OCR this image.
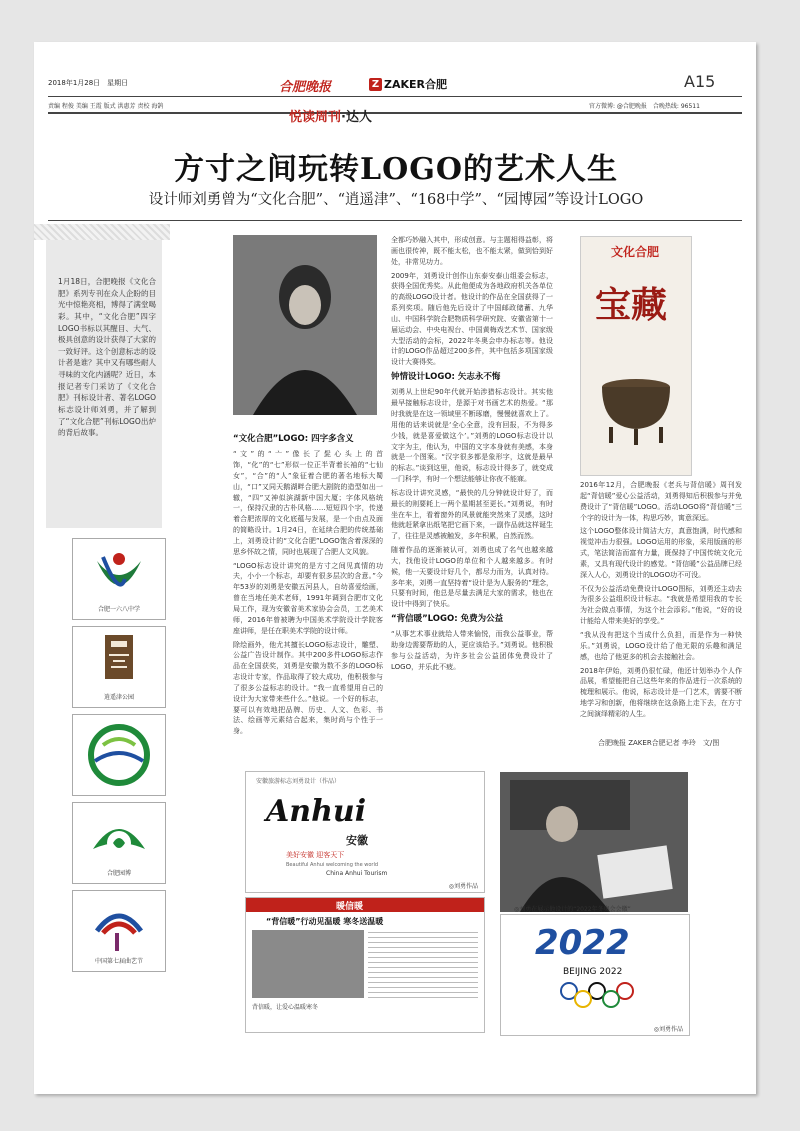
2018年1月28日　星期日	合肥晚报	Z ZAKER合肥	A15
责编 程俊 美编 王霞 版式 洪惠芳 责校 海鹄	官方微博: @合肥晚报　合晚热线: 96511
悦读周刊·达人
方寸之间玩转LOGO的艺术人生
设计师刘勇曾为“文化合肥”、“逍遥津”、“168中学”、“园博园”等设计LOGO
1月18日，合肥晚报《文化合肥》系列专刊在众人企盼的目光中惊艳亮相，博得了满堂喝彩。其中，“文化合肥”四字LOGO书标以其醒目、大气、极具创意的设计获得了大家的一致好评。这个创意标志的设计者是谁？其中又有哪些耐人寻味的文化内涵呢？近日，本报记者专门采访了《文化合肥》刊标设计者、著名LOGO标志设计师刘勇，并了解到了“文化合肥”刊标LOGO出炉的背后故事。
合肥一六八中学
逍遥津公园
合肥园博
中国第七届曲艺节
“文化合肥”LOGO: 四字多含义

“文”的“亠”像长了髭心头上的首饰，“化”的“七”形似一位正半背着长袖的“七仙女”，“合”的“人”象征着合肥的著名地标大蜀山，“口”又同天鹅湖畔合肥大剧院的造型如出一辙，“四”又神似滨湖新中国大厦；字体风格统一，保持汉隶的古朴风格……短短四个字，传递着合肥浓厚的文化底蕴与发展，是一个由点及面的简略设计。1月24日，在延续合肥的传统基础上，刘勇设计的“文化合肥”LOGO饱含着深深的思乡怀故之情，同时也展现了合肥人文风貌。

“LOGO标志设计讲究的是方寸之间见真情的功夫，小小一个标志，却要有很多层次的含意。”今年53岁的刘勇是安徽五河县人，自幼喜爱绘画，曾在当地任美术老师，1991年调到合肥市文化局工作，现为安徽省美术家协会会员，工艺美术师，2016年曾被聘为中国美术学院设计学院客座讲师，是任在职美术学院的设计师。

除绘画外，他尤其擅长LOGO标志设计，雕塑、公益广告设计制作。其中200多件LOGO标志作品在全国获奖，刘勇是安徽为数不多的LOGO标志设计专家，作品取得了较大成功，他积极参与了很多公益标志的设计。“我一直希望用自己的设计为大家带来些什么。”他说。一个好的标志，要可以有效地把品牌、历史、人文、色彩、书法、绘画等元素结合起来，集时尚与个性于一身。

全都巧妙融入其中，形成创意。与主题相得益彰，将画也很传神，既不能太松，也不能太紧，做到恰到好处，非常见功力。

2009年，刘勇设计创作山东泰安泰山组委会标志，获得全国优秀奖。从此他便成为各地政府机关各单位的高级LOGO设计者。他设计的作品在全国获得了一系列奖项。随后他先后设计了中国邮政储蓄、九华山、中国科学院合肥物质科学研究院、安徽省第十一届运动会、中央电视台、中国黄梅戏艺术节、国家级大型活动的会标，2022年冬奥会申办标志等。他设计的LOGO作品超过200多件，其中包括多项国家级设计大赛得奖。

钟情设计LOGO: 矢志永不悔

刘勇从上世纪90年代就开始涉猎标志设计。其实他最早接触标志设计，是源于对书画艺术的热爱。“那时我就是在这一领域里不断琢磨，慢慢就喜欢上了。用他的话来说就是‘全心全意，没有回报，不为得多少钱，就是喜爱做这个’。”刘勇的LOGO标志设计以文字为主，他认为，中国的文字本身就有美感，本身就是一个图案。“汉字很多都是象形字，这就是最早的标志。”谈到这里，他说，标志设计得多了，就变成一门科学，有时一个想法能够让你夜不能寐。

标志设计讲究灵感，“最快的几分钟就设计好了，而最长的则要耗上一两个星期甚至更长。”刘勇说，有时坐在车上，看着窗外的风景就能突然来了灵感，这时他就赶紧拿出纸笔把它画下来，一副作品就这样诞生了，往往是灵感被触发，多年积累，自然而然。

随着作品的逐渐被认可，刘勇也成了名气也越来越大，找他设计LOGO的单位和个人越来越多。有时候，他一天要设计好几个，都尽力而为，认真对待。多年来，刘勇一直坚持着“设计是为人服务的”理念，只要有时间，他总是尽量去满足大家的需求，他也在设计中得到了快乐。

“背信暖”LOGO: 免费为公益

“从事艺术事业就给人带来愉悦，而我公益事业，帮助身边需要帮助的人，更应该给予。”刘勇说。他积极参与公益活动，为许多社会公益团体免费设计了LOGO，并乐此不疲。

文化合肥
宝藏

2016年12月，合肥晚报《老兵与背信暖》周刊发起“背信暖”爱心公益活动，刘勇得知后积极参与并免费设计了“背信暖”LOGO。活动LOGO将“背信暖”三个字的设计为一体，构思巧妙，寓意深远。

这个LOGO整体设计简洁大方，真意饱满，时代感和视觉冲击力很强。LOGO运用的形象，采用版画的形式，笔法简洁而富有力量，既保持了中国传统文化元素，又具有现代设计的感觉。“背信暖”公益品牌已经深入人心，刘勇设计的LOGO功不可没。

不仅为公益活动免费设计LOGO图标，刘勇还主动去为很多公益组织设计标志。“我就是希望用我的专长为社会做点事情，为这个社会添彩。”他说，“好的设计能给人带来美好的享受。”

“我从没有把这个当成什么负担，而是作为一种快乐。”刘勇说，LOGO设计给了他无限的乐趣和满足感，也给了他更多的机会去接触社会。

2018年伊始，刘勇仍很忙碌，他还计划举办个人作品展，希望能把自己这些年来的作品进行一次系统的梳理和展示。他说，标志设计是一门艺术，需要不断地学习和创新，他将继续在这条路上走下去，在方寸之间演绎精彩的人生。

合肥晚报 ZAKER合肥记者 李玲　文/图
安徽旅游标志刘勇设计（作品）
Anhui
安徽
美好安徽 迎客天下
Beautiful Anhui welcoming the world
China Anhui Tourism
◎刘勇作品
◎刘勇在展示他设计的“2022年冬奥会会徽”
暖信暖
“背信暖”行动见温暖 寒冬送温暖
背信暖，让爱心温暖寒冬
2022
BEIJING 2022
◎刘勇作品
